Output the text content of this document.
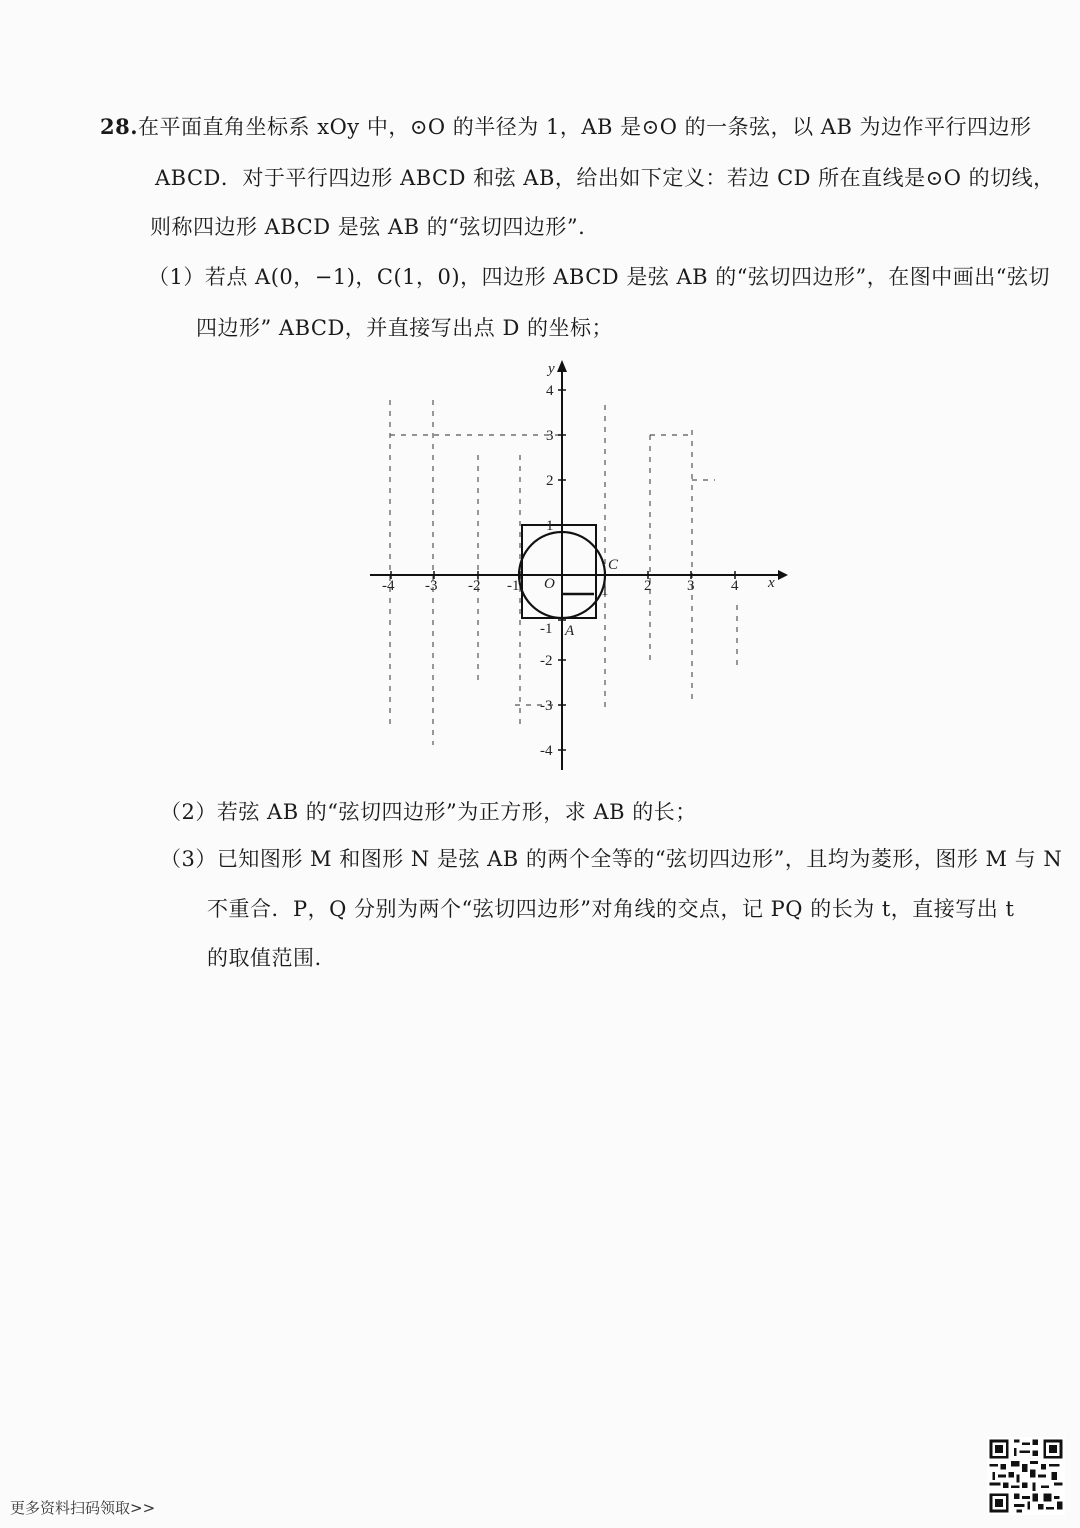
28.在平面直角坐标系 xOy 中，⊙O 的半径为 1，AB 是⊙O 的一条弦，以 AB 为边作平行四边形
ABCD．对于平行四边形 ABCD 和弦 AB，给出如下定义：若边 CD 所在直线是⊙O 的切线，
则称四边形 ABCD 是弦 AB 的“弦切四边形”.
（1）若点 A(0，−1)，C(1，0)，四边形 ABCD 是弦 AB 的“弦切四边形”，在图中画出“弦切
四边形” ABCD，并直接写出点 D 的坐标；
-4 -3 -2 -1	1 2 3 4
4
3
2
1
-1
-2
-3
-4
O	x
y
C
A
（2）若弦 AB 的“弦切四边形”为正方形，求 AB 的长；
（3）已知图形 M 和图形 N 是弦 AB 的两个全等的“弦切四边形”，且均为菱形，图形 M 与 N
不重合．P，Q 分别为两个“弦切四边形”对角线的交点，记 PQ 的长为 t，直接写出 t
的取值范围.
更多资料扫码领取>>
